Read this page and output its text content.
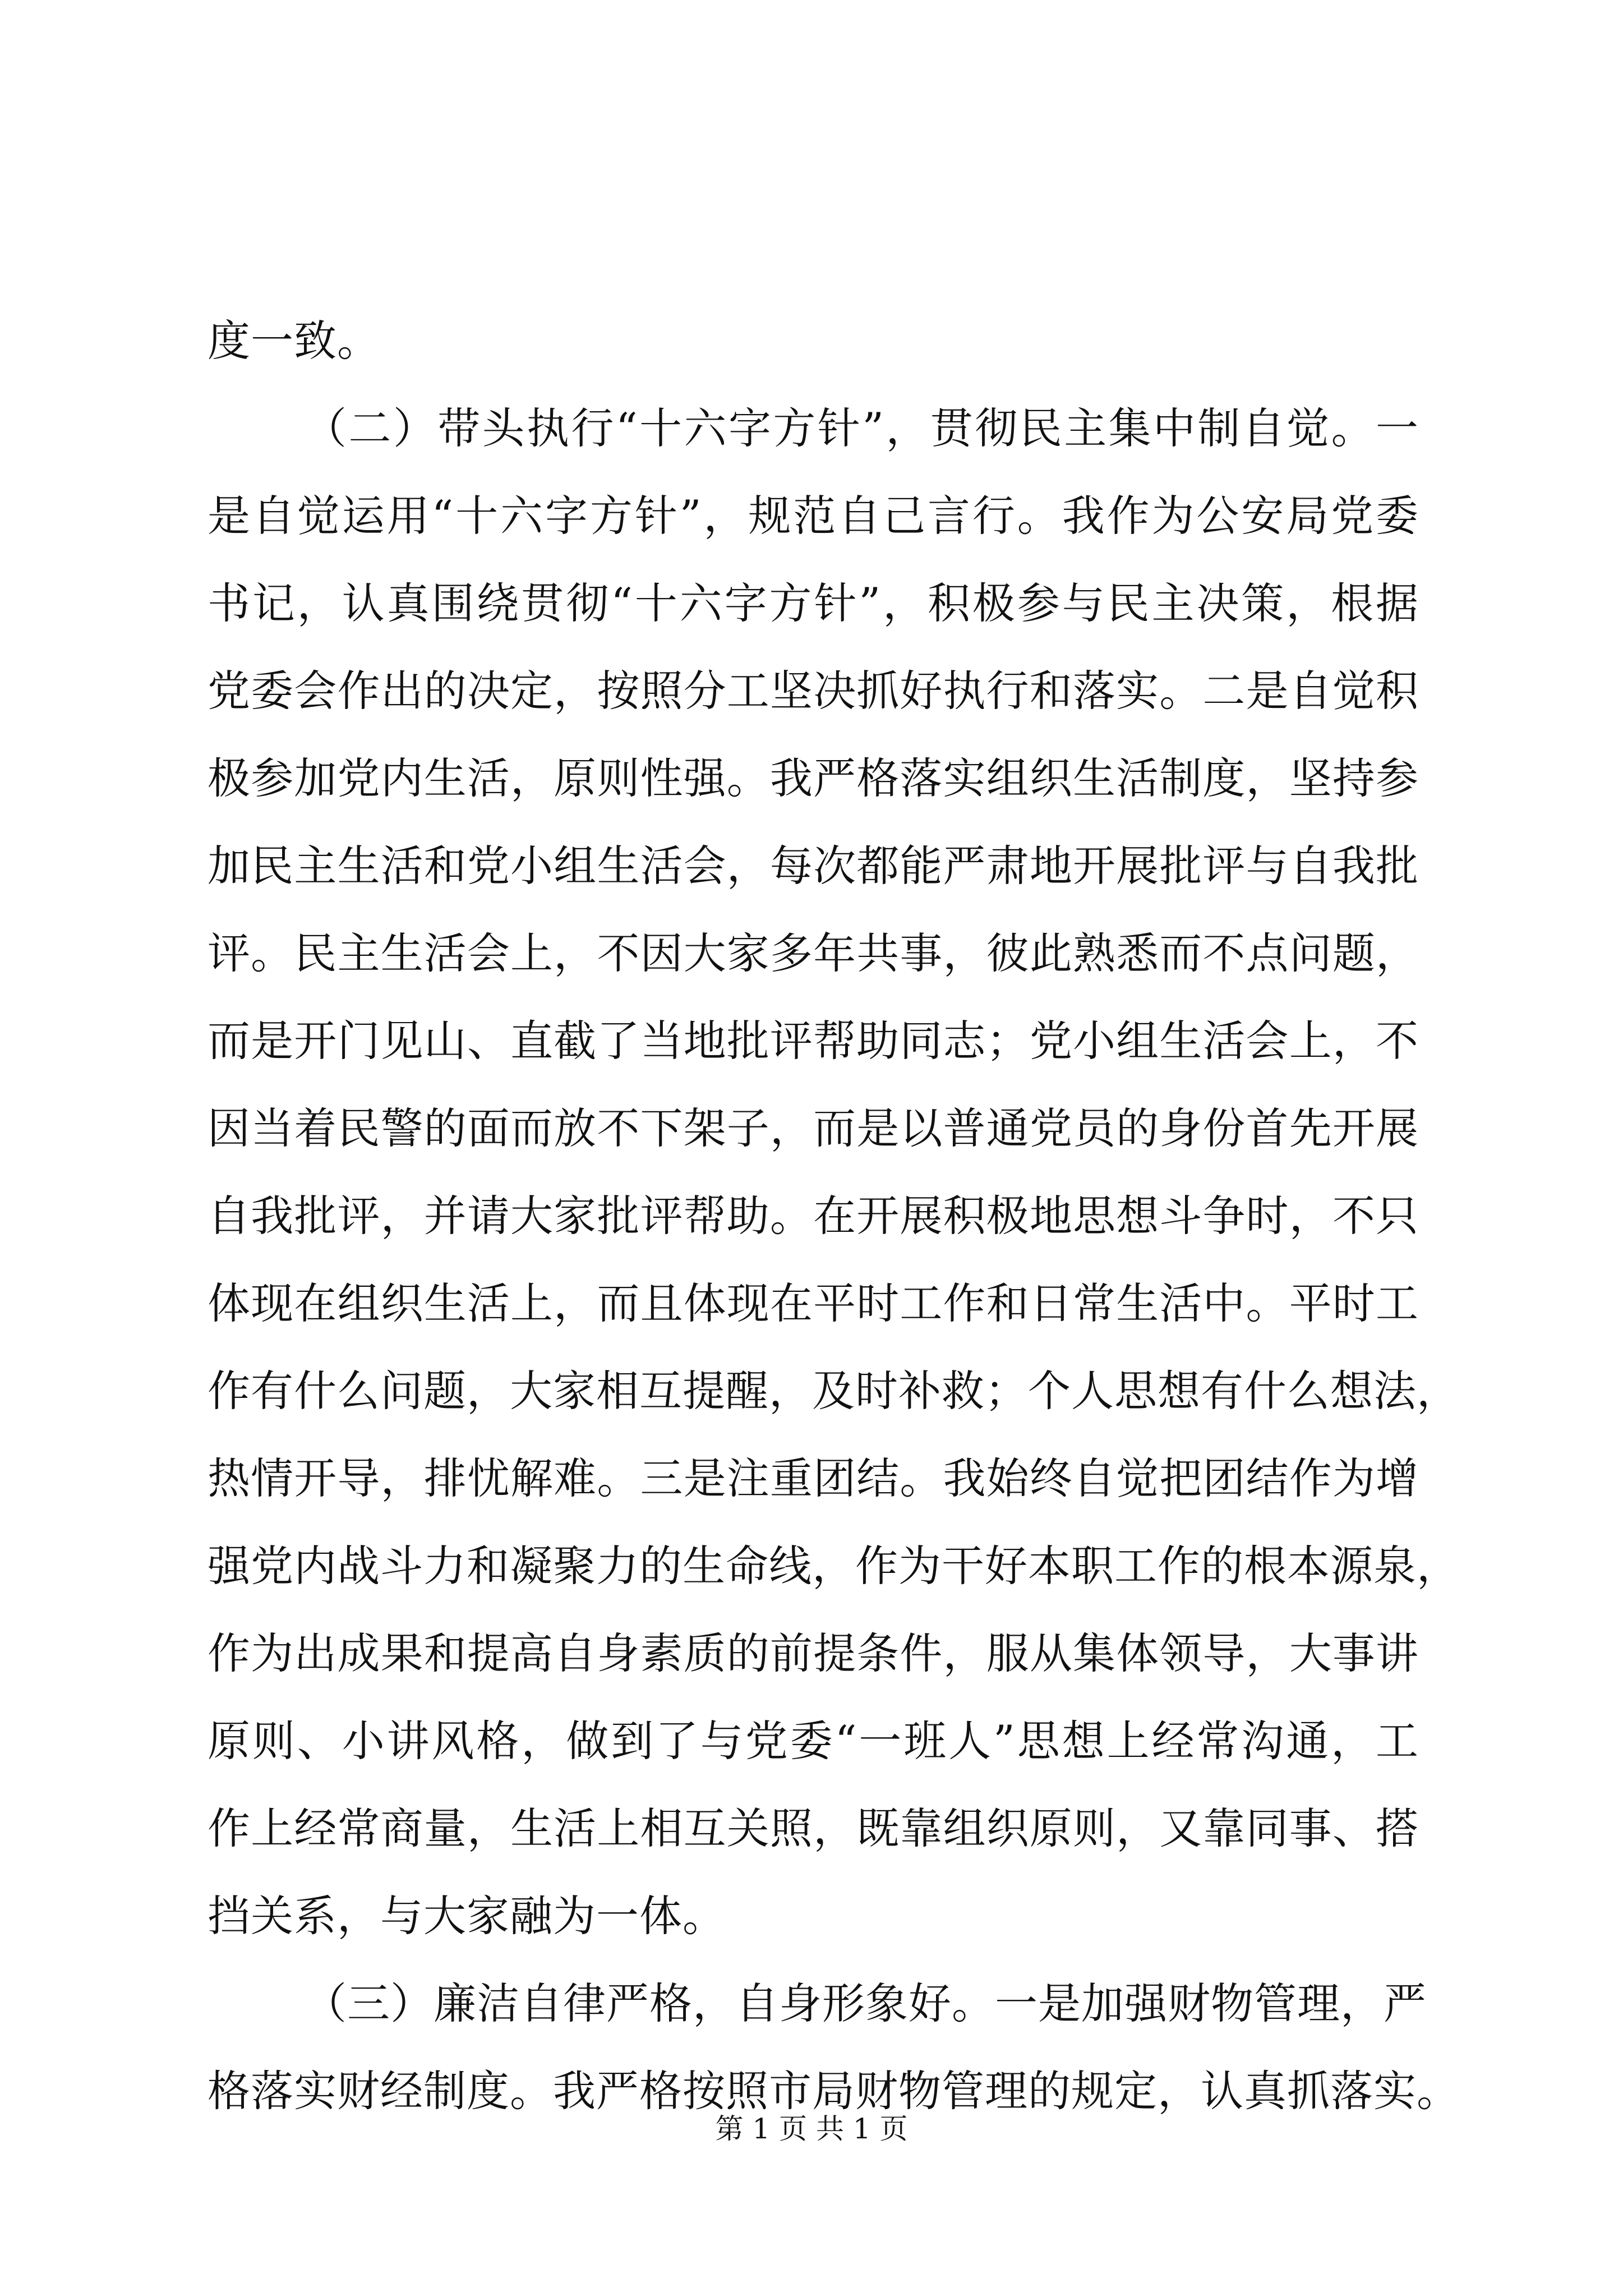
度一致。
（二）带头执行“十六字方针”，贯彻民主集中制自觉。一
是自觉运用“十六字方针”，规范自己言行。我作为公安局党委
书记，认真围绕贯彻“十六字方针”，积极参与民主决策，根据
党委会作出的决定，按照分工坚决抓好执行和落实。二是自觉积
极参加党内生活，原则性强。我严格落实组织生活制度，坚持参
加民主生活和党小组生活会，每次都能严肃地开展批评与自我批
评。民主生活会上，不因大家多年共事，彼此熟悉而不点问题，
而是开门见山、直截了当地批评帮助同志；党小组生活会上，不
因当着民警的面而放不下架子，而是以普通党员的身份首先开展
自我批评，并请大家批评帮助。在开展积极地思想斗争时，不只
体现在组织生活上，而且体现在平时工作和日常生活中。平时工
作有什么问题，大家相互提醒，及时补救；个人思想有什么想法，
热情开导，排忧解难。三是注重团结。我始终自觉把团结作为增
强党内战斗力和凝聚力的生命线，作为干好本职工作的根本源泉，
作为出成果和提高自身素质的前提条件，服从集体领导，大事讲
原则、小讲风格，做到了与党委“一班人”思想上经常沟通，工
作上经常商量，生活上相互关照，既靠组织原则，又靠同事、搭
挡关系，与大家融为一体。
（三）廉洁自律严格，自身形象好。一是加强财物管理，严
格落实财经制度。我严格按照市局财物管理的规定，认真抓落实。
第 1 页 共 1 页
